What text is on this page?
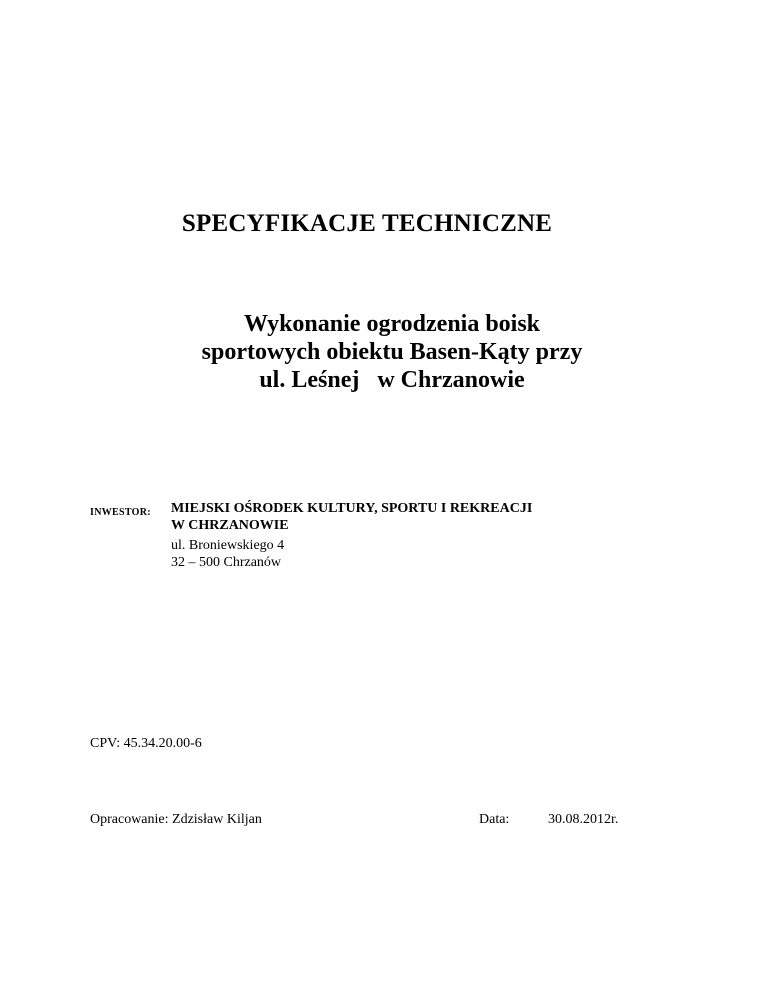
SPECYFIKACJE TECHNICZNE
Wykonanie ogrodzenia boisk
sportowych obiektu Basen-Kąty przy
ul. Leśnej   w Chrzanowie
INWESTOR: MIEJSKI OŚRODEK KULTURY, SPORTU I REKREACJI
W CHRZANOWIE
ul. Broniewskiego 4
32 – 500 Chrzanów
CPV: 45.34.20.00-6
Opracowanie: Zdzisław Kiljan	Data:	30.08.2012r.
